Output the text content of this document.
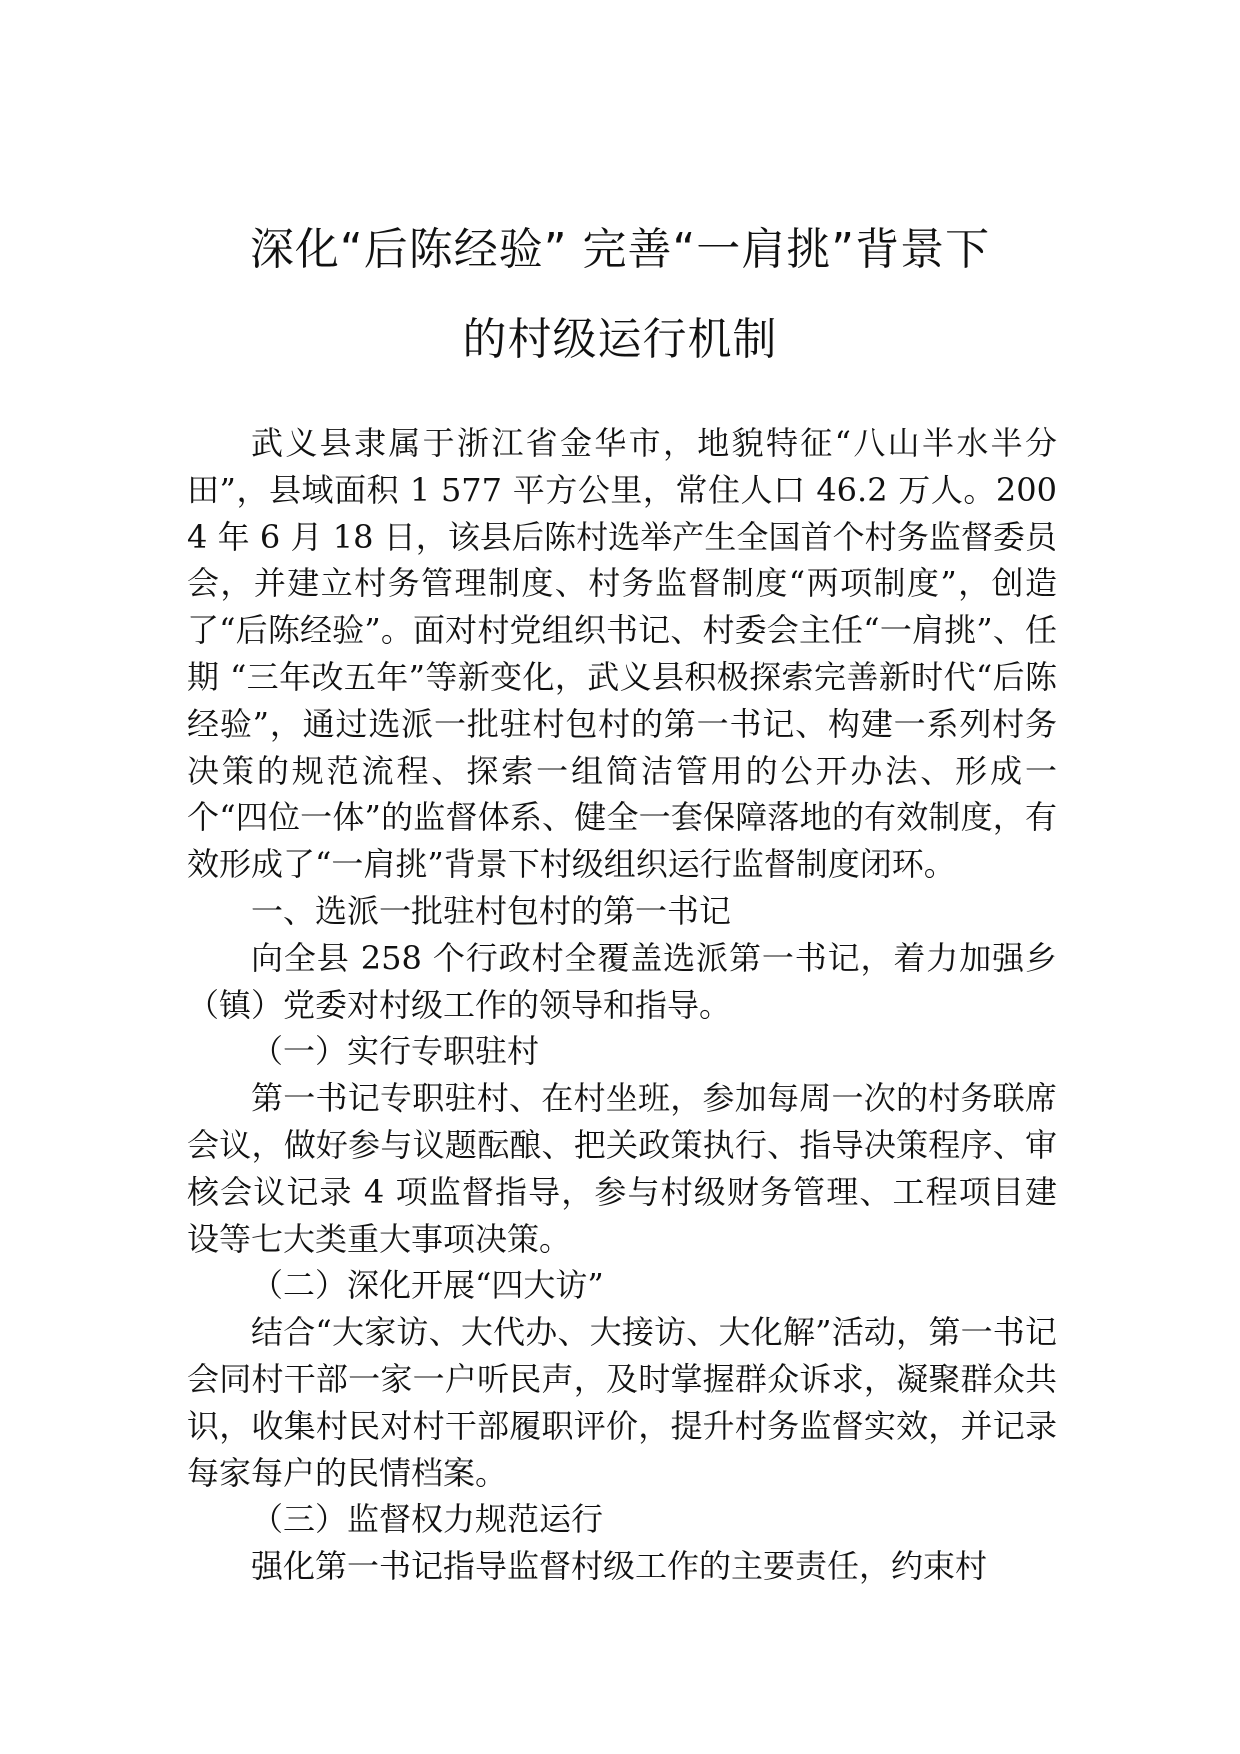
深化“后陈经验” 完善“一肩挑”背景下
的村级运行机制

武义县隶属于浙江省金华市，地貌特征“八山半水半分田”，县域面积 1 577 平方公里，常住人口 46.2 万人。2004 年 6 月 18 日，该县后陈村选举产生全国首个村务监督委员会，并建立村务管理制度、村务监督制度“两项制度”，创造了“后陈经验”。面对村党组织书记、村委会主任“一肩挑”、任期 “三年改五年”等新变化，武义县积极探索完善新时代“后陈经验”，通过选派一批驻村包村的第一书记、构建一系列村务决策的规范流程、探索一组简洁管用的公开办法、形成一个“四位一体”的监督体系、健全一套保障落地的有效制度，有效形成了“一肩挑”背景下村级组织运行监督制度闭环。

一、选派一批驻村包村的第一书记

向全县 258 个行政村全覆盖选派第一书记，着力加强乡（镇）党委对村级工作的领导和指导。

（一）实行专职驻村

第一书记专职驻村、在村坐班，参加每周一次的村务联席会议，做好参与议题酝酿、把关政策执行、指导决策程序、审核会议记录 4 项监督指导，参与村级财务管理、工程项目建设等七大类重大事项决策。

（二）深化开展“四大访”

结合“大家访、大代办、大接访、大化解”活动，第一书记会同村干部一家一户听民声，及时掌握群众诉求，凝聚群众共识，收集村民对村干部履职评价，提升村务监督实效，并记录每家每户的民情档案。

（三）监督权力规范运行

强化第一书记指导监督村级工作的主要责任，约束村
